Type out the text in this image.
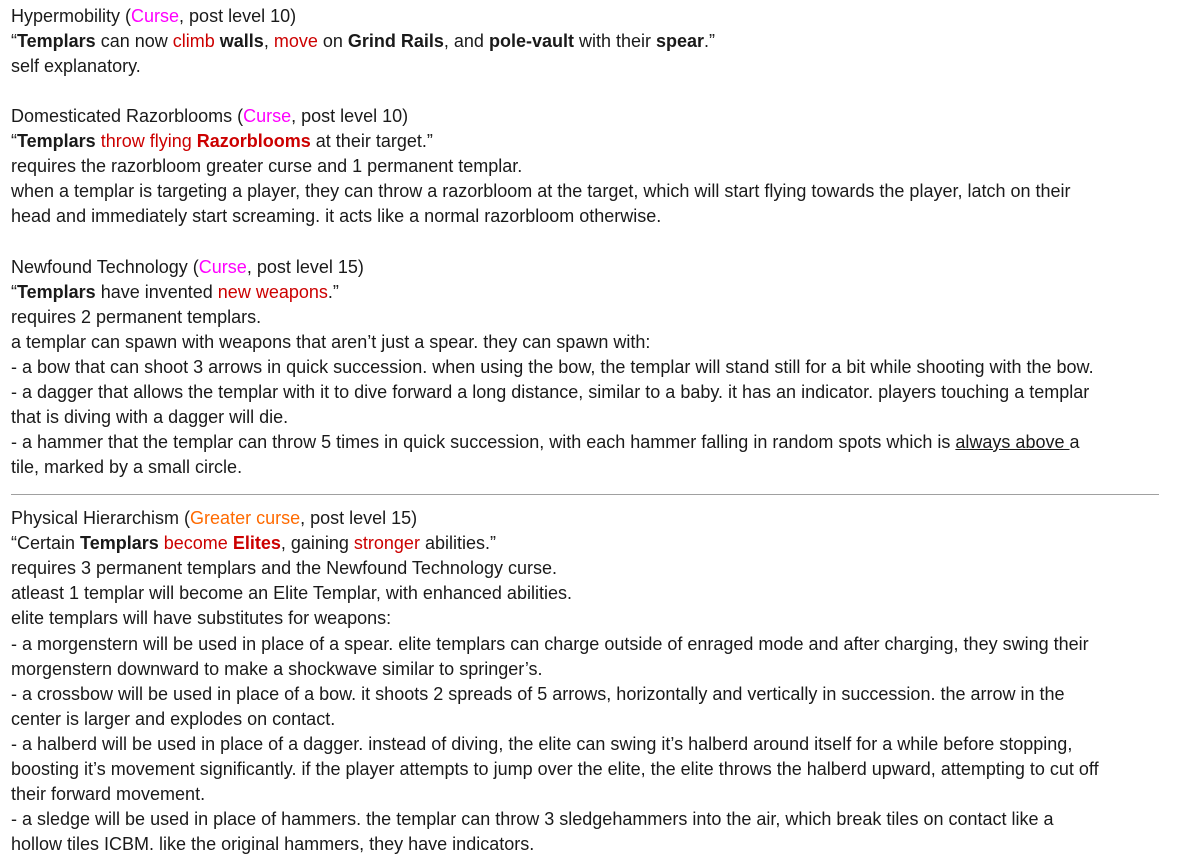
Hypermobility (Curse, post level 10)
“Templars can now climb walls, move on Grind Rails, and pole-vault with their spear.”
self explanatory.
Domesticated Razorblooms (Curse, post level 10)
“Templars throw flying Razorblooms at their target.”
requires the razorbloom greater curse and 1 permanent templar.
when a templar is targeting a player, they can throw a razorbloom at the target, which will start flying towards the player, latch on their
head and immediately start screaming. it acts like a normal razorbloom otherwise.
Newfound Technology (Curse, post level 15)
“Templars have invented new weapons.”
requires 2 permanent templars.
a templar can spawn with weapons that aren’t just a spear. they can spawn with:
- a bow that can shoot 3 arrows in quick succession. when using the bow, the templar will stand still for a bit while shooting with the bow.
- a dagger that allows the templar with it to dive forward a long distance, similar to a baby. it has an indicator. players touching a templar
that is diving with a dagger will die.
- a hammer that the templar can throw 5 times in quick succession, with each hammer falling in random spots which is always above a
tile, marked by a small circle.
Physical Hierarchism (Greater curse, post level 15)
“Certain Templars become Elites, gaining stronger abilities.”
requires 3 permanent templars and the Newfound Technology curse.
atleast 1 templar will become an Elite Templar, with enhanced abilities.
elite templars will have substitutes for weapons:
- a morgenstern will be used in place of a spear. elite templars can charge outside of enraged mode and after charging, they swing their
morgenstern downward to make a shockwave similar to springer’s.
- a crossbow will be used in place of a bow. it shoots 2 spreads of 5 arrows, horizontally and vertically in succession. the arrow in the
center is larger and explodes on contact.
- a halberd will be used in place of a dagger. instead of diving, the elite can swing it’s halberd around itself for a while before stopping,
boosting it’s movement significantly. if the player attempts to jump over the elite, the elite throws the halberd upward, attempting to cut off
their forward movement.
- a sledge will be used in place of hammers. the templar can throw 3 sledgehammers into the air, which break tiles on contact like a
hollow tiles ICBM. like the original hammers, they have indicators.
